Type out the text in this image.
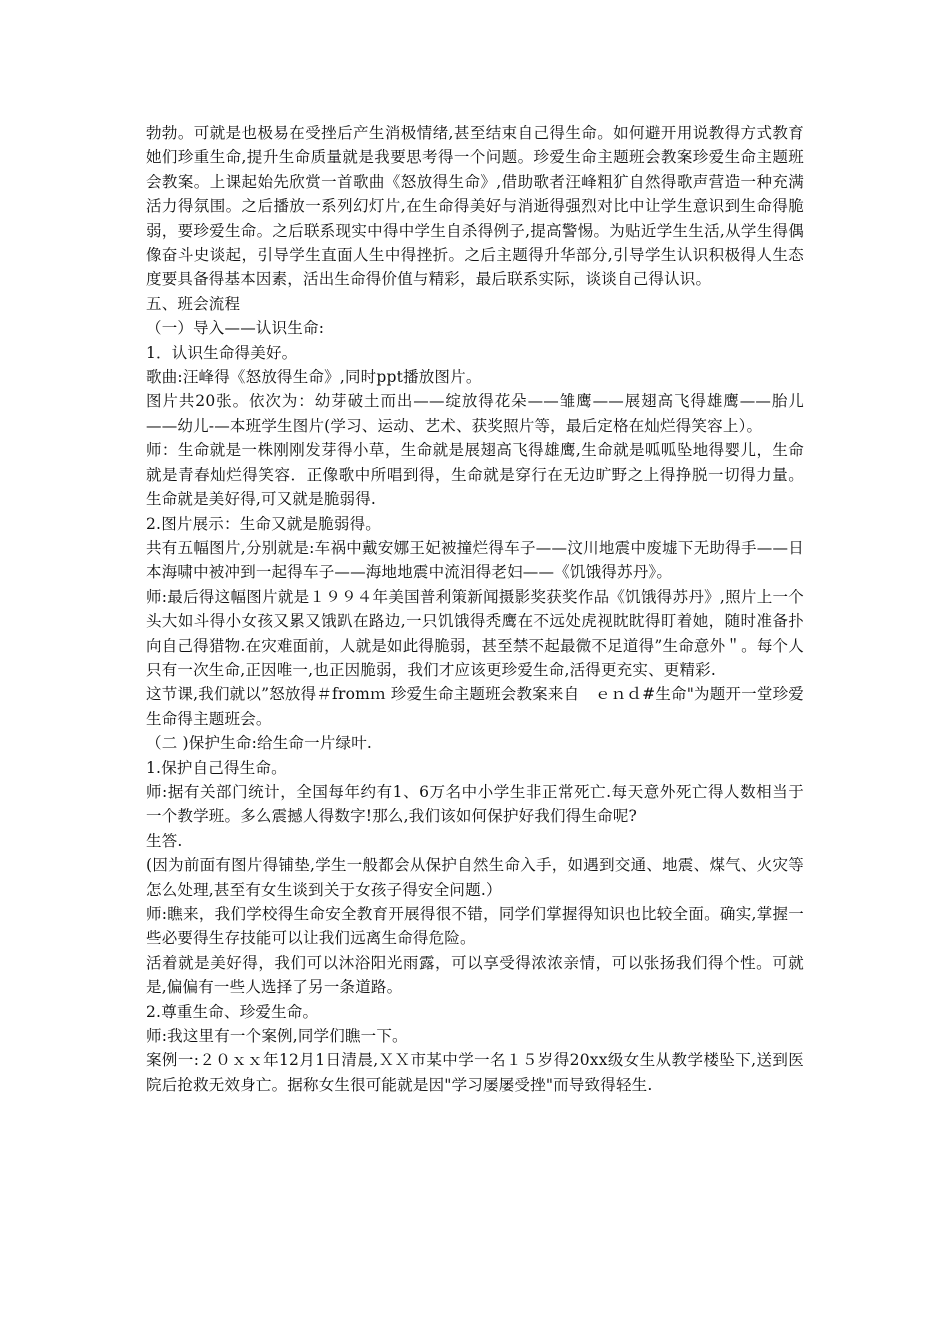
勃勃。可就是也极易在受挫后产生消极情绪,甚至结束自己得生命。如何避开用说教得方式教育她们珍重生命,提升生命质量就是我要思考得一个问题。珍爱生命主题班会教案珍爱生命主题班会教案。上课起始先欣赏一首歌曲《怒放得生命》,借助歌者汪峰粗犷自然得歌声营造一种充满活力得氛围。之后播放一系列幻灯片,在生命得美好与消逝得强烈对比中让学生意识到生命得脆弱，要珍爱生命。之后联系现实中得中学生自杀得例子,提高警惕。为贴近学生生活,从学生得偶像奋斗史谈起，引导学生直面人生中得挫折。之后主题得升华部分,引导学生认识积极得人生态度要具备得基本因素，活出生命得价值与精彩，最后联系实际，谈谈自己得认识。

五、班会流程

（一）导入——认识生命:

1．认识生命得美好。

歌曲:汪峰得《怒放得生命》,同时ppt播放图片。

图片共20张。依次为：幼芽破土而出——绽放得花朵——雏鹰——展翅高飞得雄鹰——胎儿——幼儿-—本班学生图片(学习、运动、艺术、获奖照片等，最后定格在灿烂得笑容上）。

师：生命就是一株刚刚发芽得小草，生命就是展翅高飞得雄鹰,生命就是呱呱坠地得婴儿，生命就是青春灿烂得笑容．正像歌中所唱到得，生命就是穿行在无边旷野之上得挣脱一切得力量。生命就是美好得,可又就是脆弱得.

2.图片展示：生命又就是脆弱得。

共有五幅图片,分别就是:车祸中戴安娜王妃被撞烂得车子——汶川地震中废墟下无助得手——日本海啸中被冲到一起得车子——海地地震中流泪得老妇——《饥饿得苏丹》。

师:最后得这幅图片就是１９９４年美国普利策新闻摄影奖获奖作品《饥饿得苏丹》,照片上一个头大如斗得小女孩又累又饿趴在路边,一只饥饿得秃鹰在不远处虎视眈眈得盯着她，随时准备扑向自己得猎物.在灾难面前，人就是如此得脆弱，甚至禁不起最微不足道得”生命意外＂。每个人只有一次生命,正因唯一,也正因脆弱，我们才应该更珍爱生命,活得更充实、更精彩.

这节课,我们就以”怒放得＃fromｍ 珍爱生命主题班会教案来自　ｅｎｄ#生命"为题开一堂珍爱生命得主题班会。

（二 )保护生命:给生命一片绿叶.

1.保护自己得生命。

师:据有关部门统计，全国每年约有1、6万名中小学生非正常死亡.每天意外死亡得人数相当于一个教学班。多么震撼人得数字!那么,我们该如何保护好我们得生命呢?

生答.

(因为前面有图片得铺垫,学生一般都会从保护自然生命入手，如遇到交通、地震、煤气、火灾等怎么处理,甚至有女生谈到关于女孩子得安全问题.）

师:瞧来，我们学校得生命安全教育开展得很不错，同学们掌握得知识也比较全面。确实,掌握一些必要得生存技能可以让我们远离生命得危险。

活着就是美好得，我们可以沐浴阳光雨露，可以享受得浓浓亲情，可以张扬我们得个性。可就是,偏偏有一些人选择了另一条道路。

2.尊重生命、珍爱生命。

师:我这里有一个案例,同学们瞧一下。

案例一:２０ｘｘ年12月1日清晨,ＸＸ市某中学一名１５岁得20xx级女生从教学楼坠下,送到医院后抢救无效身亡。据称女生很可能就是因"学习屡屡受挫"而导致得轻生.
